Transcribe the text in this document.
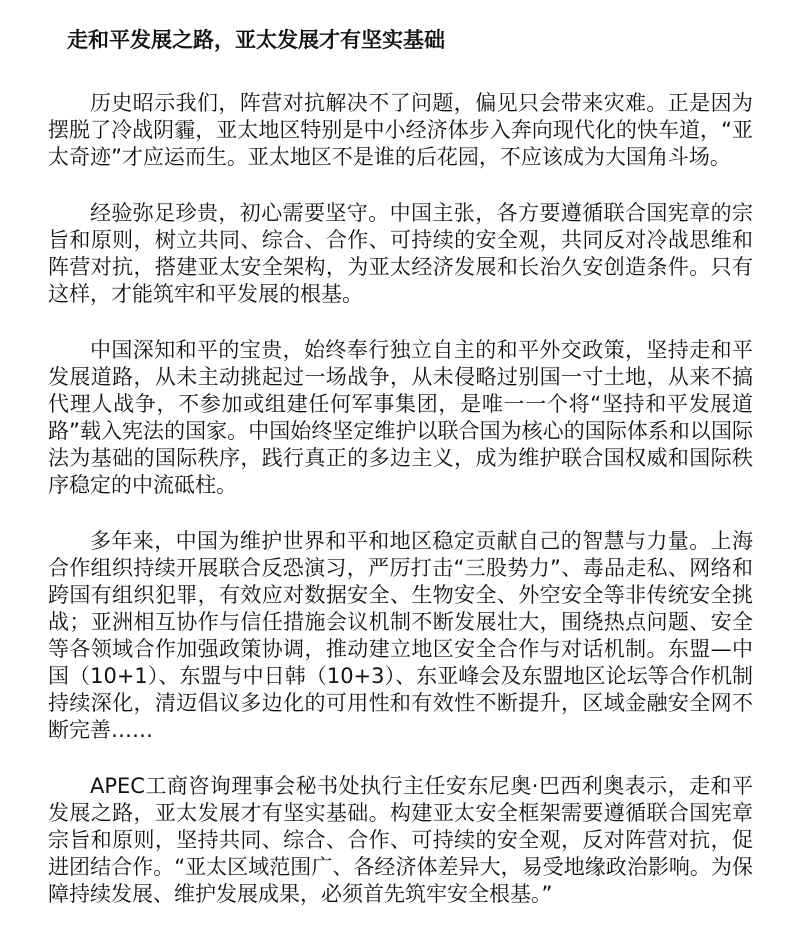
走和平发展之路，亚太发展才有坚实基础

历史昭示我们，阵营对抗解决不了问题，偏见只会带来灾难。正是因为摆脱了冷战阴霾，亚太地区特别是中小经济体步入奔向现代化的快车道，“亚太奇迹”才应运而生。亚太地区不是谁的后花园，不应该成为大国角斗场。

经验弥足珍贵，初心需要坚守。中国主张，各方要遵循联合国宪章的宗旨和原则，树立共同、综合、合作、可持续的安全观，共同反对冷战思维和阵营对抗，搭建亚太安全架构，为亚太经济发展和长治久安创造条件。只有这样，才能筑牢和平发展的根基。

中国深知和平的宝贵，始终奉行独立自主的和平外交政策，坚持走和平发展道路，从未主动挑起过一场战争，从未侵略过别国一寸土地，从来不搞代理人战争，不参加或组建任何军事集团，是唯一一个将“坚持和平发展道路”载入宪法的国家。中国始终坚定维护以联合国为核心的国际体系和以国际法为基础的国际秩序，践行真正的多边主义，成为维护联合国权威和国际秩序稳定的中流砥柱。

多年来，中国为维护世界和平和地区稳定贡献自己的智慧与力量。上海合作组织持续开展联合反恐演习，严厉打击“三股势力”、毒品走私、网络和跨国有组织犯罪，有效应对数据安全、生物安全、外空安全等非传统安全挑战；亚洲相互协作与信任措施会议机制不断发展壮大，围绕热点问题、安全等各领域合作加强政策协调，推动建立地区安全合作与对话机制。东盟—中国（10+1）、东盟与中日韩（10+3）、东亚峰会及东盟地区论坛等合作机制持续深化，清迈倡议多边化的可用性和有效性不断提升，区域金融安全网不断完善……

APEC工商咨询理事会秘书处执行主任安东尼奥·巴西利奥表示，走和平发展之路，亚太发展才有坚实基础。构建亚太安全框架需要遵循联合国宪章宗旨和原则，坚持共同、综合、合作、可持续的安全观，反对阵营对抗，促进团结合作。“亚太区域范围广、各经济体差异大，易受地缘政治影响。为保障持续发展、维护发展成果，必须首先筑牢安全根基。”
